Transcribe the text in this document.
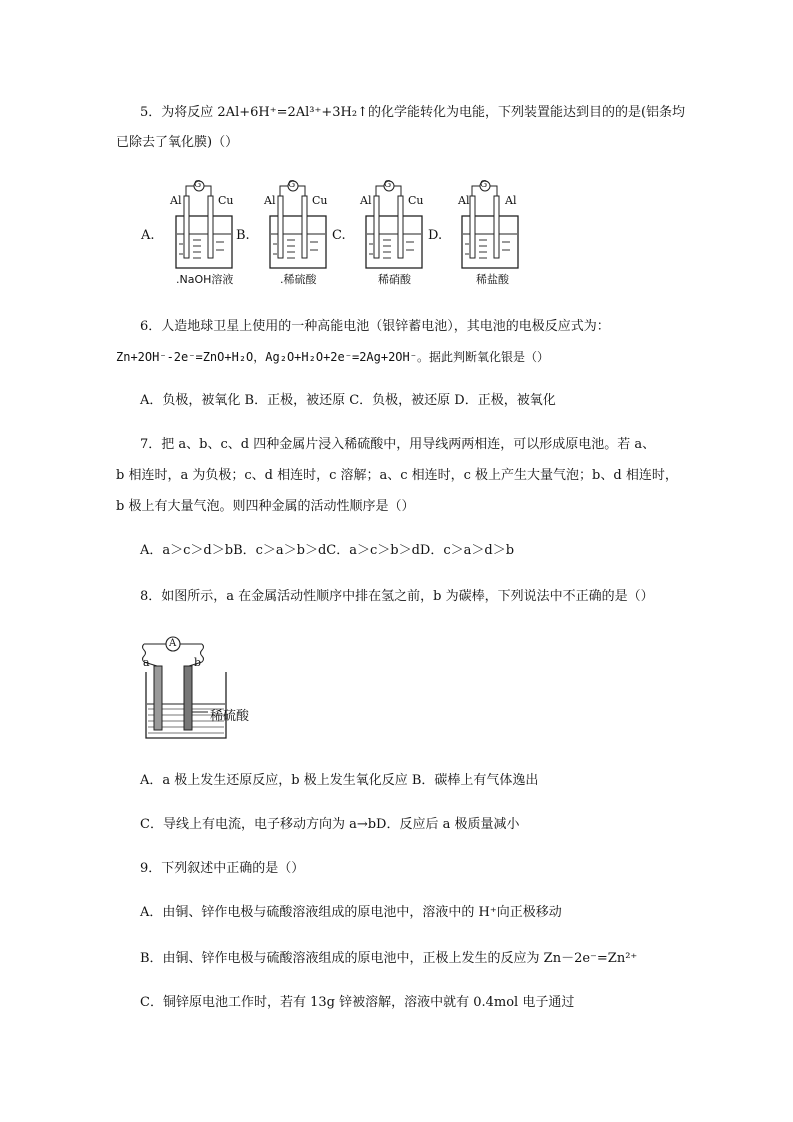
5．为将反应 2Al+6H⁺=2Al³⁺+3H₂↑的化学能转化为电能，下列装置能达到目的的是(铝条均
已除去了氧化膜)（）
A.	B.	C.	D.
Al	Cu
G
.NaOH溶液
Al	Cu
G
.稀硫酸
Al	Cu
G
稀硝酸
Al	Al
G
稀盐酸
6．人造地球卫星上使用的一种高能电池（银锌蓄电池），其电池的电极反应式为：
Zn+2OH⁻-2e⁻=ZnO+H₂O，Ag₂O+H₂O+2e⁻=2Ag+2OH⁻。据此判断氧化银是（）
A．负极，被氧化 B．正极，被还原 C．负极，被还原 D．正极，被氧化
7．把 a、b、c、d 四种金属片浸入稀硫酸中，用导线两两相连，可以形成原电池。若 a、
b 相连时，a 为负极；c、d 相连时，c 溶解；a、c 相连时，c 极上产生大量气泡；b、d 相连时，
b 极上有大量气泡。则四种金属的活动性顺序是（）
A．a＞c＞d＞bB．c＞a＞b＞dC．a＞c＞b＞dD．c＞a＞d＞b
8．如图所示，a 在金属活动性顺序中排在氢之前，b 为碳棒，下列说法中不正确的是（）
A
a	b
稀硫酸
A．a 极上发生还原反应，b 极上发生氧化反应 B．碳棒上有气体逸出
C．导线上有电流，电子移动方向为 a→bD．反应后 a 极质量减小
9．下列叙述中正确的是（）
A．由铜、锌作电极与硫酸溶液组成的原电池中，溶液中的 H⁺向正极移动
B．由铜、锌作电极与硫酸溶液组成的原电池中，正极上发生的反应为 Zn－2e⁻=Zn²⁺
C．铜锌原电池工作时，若有 13g 锌被溶解，溶液中就有 0.4mol 电子通过
